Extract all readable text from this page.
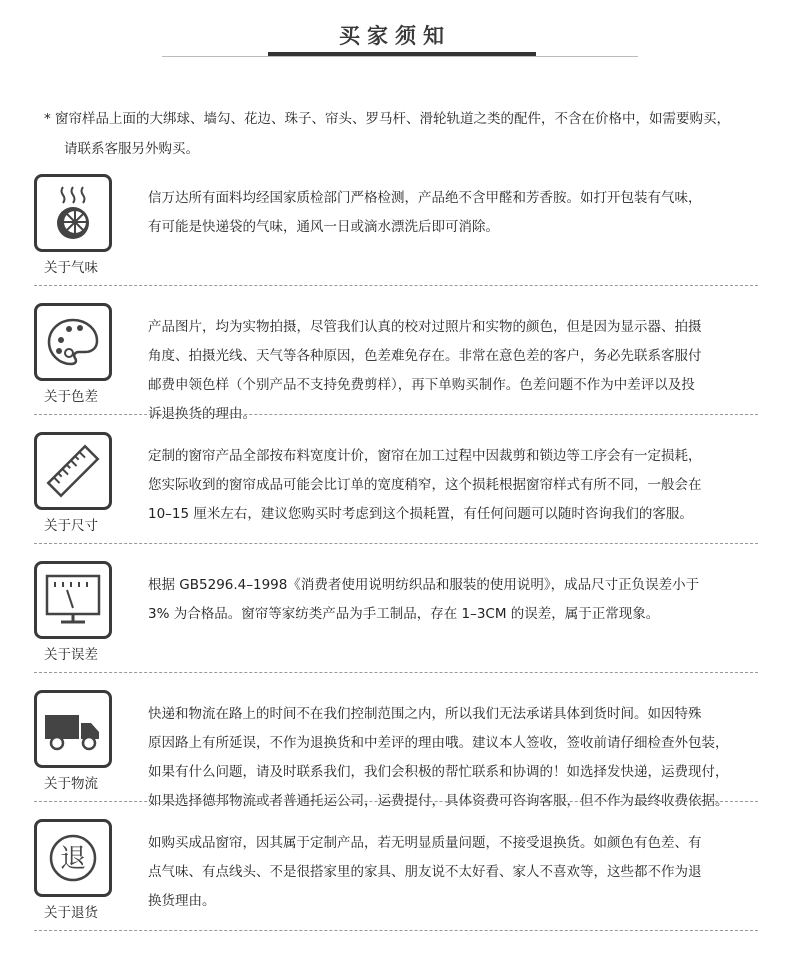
买家须知
* 窗帘样品上面的大绑球、墙勾、花边、珠子、帘头、罗马杆、滑轮轨道之类的配件，不含在价格中，如需要购买，
请联系客服另外购买。
关于气味
信万达所有面料均经国家质检部门严格检测，产品绝不含甲醛和芳香胺。如打开包装有气味，
有可能是快递袋的气味，通风一日或滴水漂洗后即可消除。
关于色差
产品图片，均为实物拍摄，尽管我们认真的校对过照片和实物的颜色，但是因为显示器、拍摄
角度、拍摄光线、天气等各种原因，色差难免存在。非常在意色差的客户，务必先联系客服付
邮费申领色样（个别产品不支持免费剪样），再下单购买制作。色差问题不作为中差评以及投
诉退换货的理由。
关于尺寸
定制的窗帘产品全部按布料宽度计价，窗帘在加工过程中因裁剪和锁边等工序会有一定损耗，
您实际收到的窗帘成品可能会比订单的宽度稍窄，这个损耗根据窗帘样式有所不同，一般会在
10–15 厘米左右，建议您购买时考虑到这个损耗置，有任何问题可以随时咨询我们的客服。
关于误差
根据 GB5296.4–1998《消费者使用说明纺织品和服装的使用说明》，成品尺寸正负误差小于
3% 为合格品。窗帘等家纺类产品为手工制品，存在 1–3CM 的误差，属于正常现象。
关于物流
快递和物流在路上的时间不在我们控制范围之内，所以我们无法承诺具体到货时间。如因特殊
原因路上有所延误，不作为退换货和中差评的理由哦。建议本人签收，签收前请仔细检查外包装，
如果有什么问题，请及时联系我们，我们会积极的帮忙联系和协调的！如选择发快递，运费现付，
如果选择德邦物流或者普通托运公司，运费提付，具体资费可咨询客服，但不作为最终收费依据。
退
关于退货
如购买成品窗帘，因其属于定制产品，若无明显质量问题，不接受退换货。如颜色有色差、有
点气味、有点线头、不是很搭家里的家具、朋友说不太好看、家人不喜欢等，这些都不作为退
换货理由。
